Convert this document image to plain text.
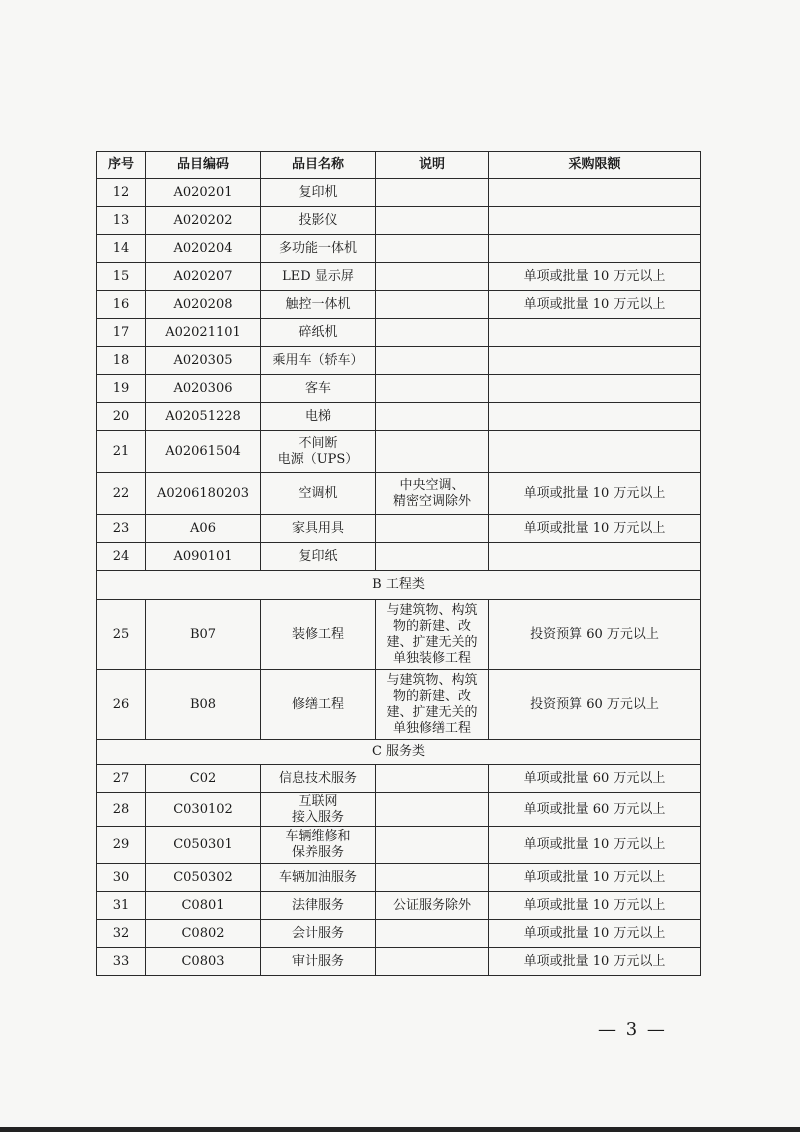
序号	品目编码	品目名称	说明	采购限额
12	A020201	复印机		
13	A020202	投影仪		
14	A020204	多功能一体机		
15	A020207	LED 显示屏		单项或批量 10 万元以上
16	A020208	触控一体机		单项或批量 10 万元以上
17	A02021101	碎纸机		
18	A020305	乘用车（轿车）		
19	A020306	客车		
20	A02051228	电梯		
21	A02061504	不间断
电源（UPS）		
22	A0206180203	空调机	中央空调、
精密空调除外	单项或批量 10 万元以上
23	A06	家具用具		单项或批量 10 万元以上
24	A090101	复印纸		
B 工程类				
25	B07	装修工程	与建筑物、构筑
物的新建、改
建、扩建无关的
单独装修工程	投资预算 60 万元以上
26	B08	修缮工程	与建筑物、构筑
物的新建、改
建、扩建无关的
单独修缮工程	投资预算 60 万元以上
C 服务类				
27	C02	信息技术服务		单项或批量 60 万元以上
28	C030102	互联网
接入服务		单项或批量 60 万元以上
29	C050301	车辆维修和
保养服务		单项或批量 10 万元以上
30	C050302	车辆加油服务		单项或批量 10 万元以上
31	C0801	法律服务	公证服务除外	单项或批量 10 万元以上
32	C0802	会计服务		单项或批量 10 万元以上
33	C0803	审计服务		单项或批量 10 万元以上
— 3 —
